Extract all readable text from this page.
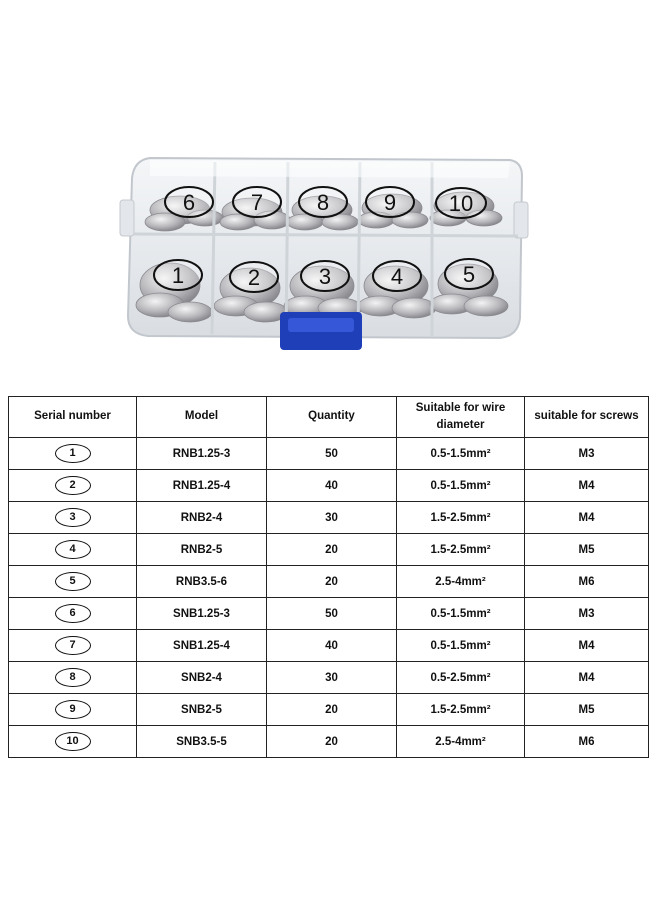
6	7 8 9 10
1	2	3	4	5
Serial number	Model	Quantity	Suitable for wire diameter	suitable for screws
1	RNB1.25-3	50	0.5-1.5mm²	M3
2	RNB1.25-4	40	0.5-1.5mm²	M4
3	RNB2-4	30	1.5-2.5mm²	M4
4	RNB2-5	20	1.5-2.5mm²	M5
5	RNB3.5-6	20	2.5-4mm²	M6
6	SNB1.25-3	50	0.5-1.5mm²	M3
7	SNB1.25-4	40	0.5-1.5mm²	M4
8	SNB2-4	30	0.5-2.5mm²	M4
9	SNB2-5	20	1.5-2.5mm²	M5
10	SNB3.5-5	20	2.5-4mm²	M6
